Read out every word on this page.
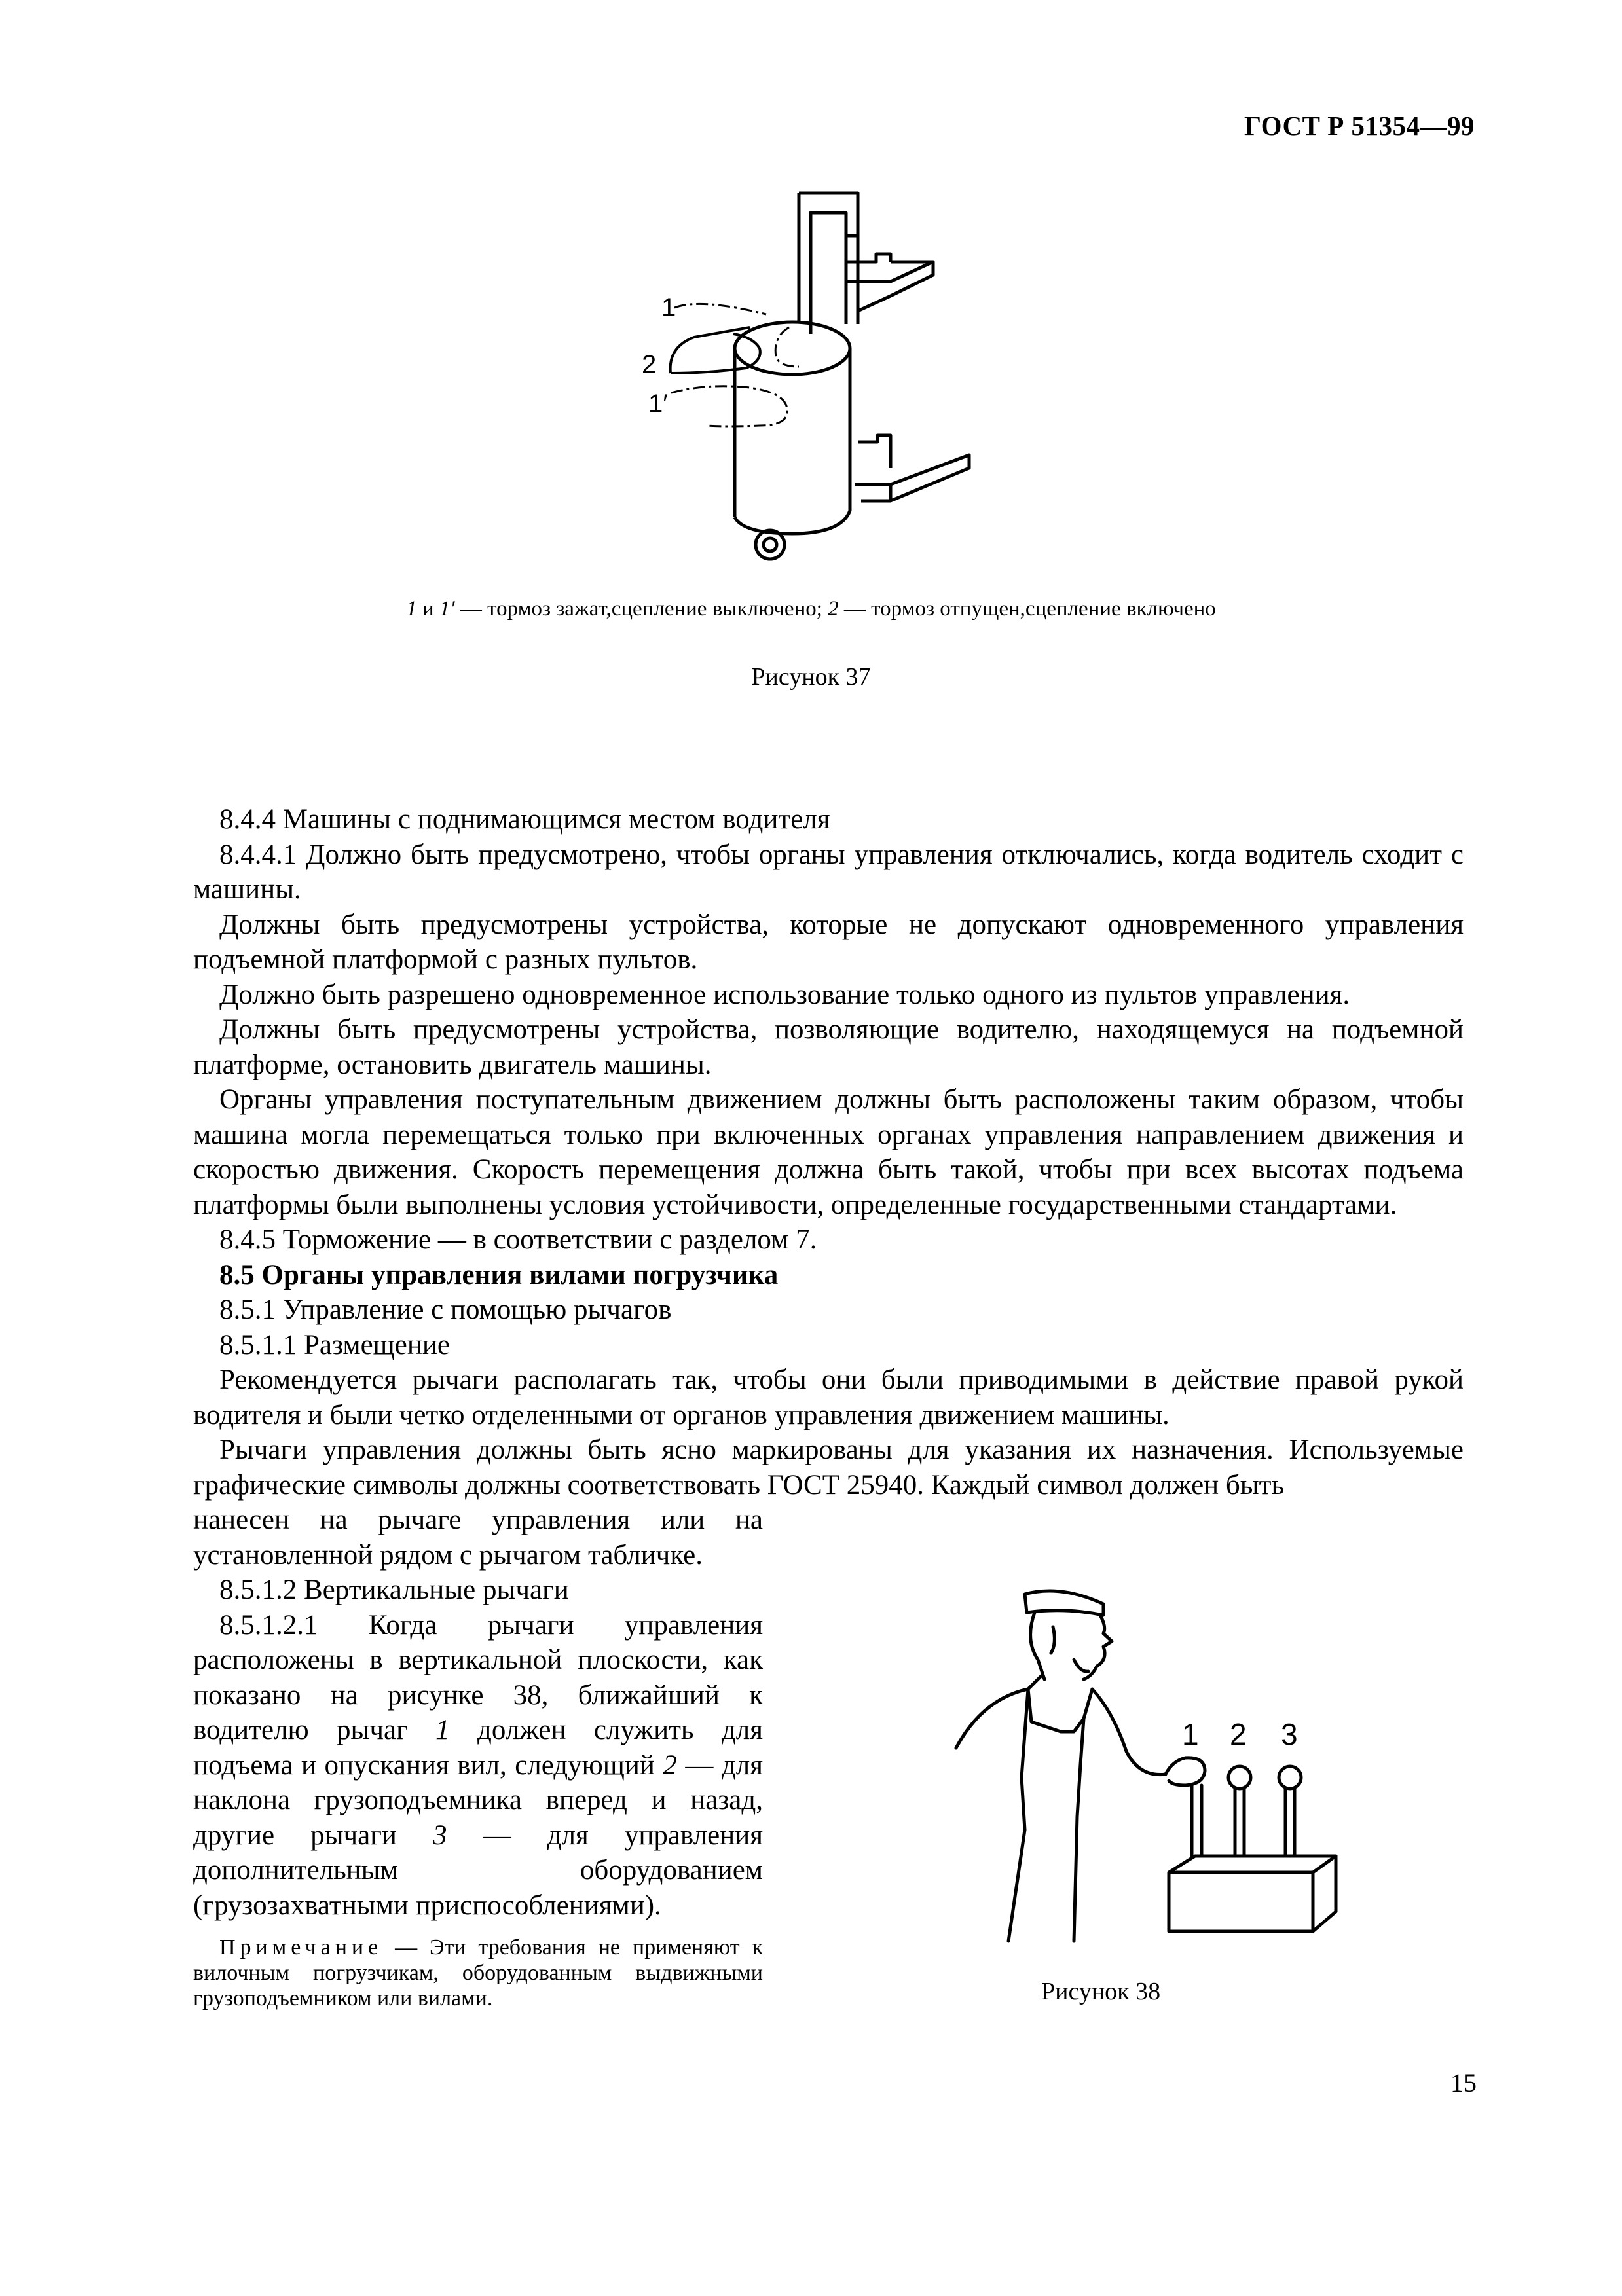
ГОСТ Р 51354—99
1
2
1′
1 и 1′ — тормоз зажат,сцепление выключено; 2 — тормоз отпущен,сцепление включено
Рисунок 37

8.4.4 Машины с поднимающимся местом водителя

8.4.4.1 Должно быть предусмотрено, чтобы органы управления отключались, когда водитель сходит с машины.

Должны быть предусмотрены устройства, которые не допускают одновременного управления подъемной платформой с разных пультов.

Должно быть разрешено одновременное использование только одного из пультов управления.

Должны быть предусмотрены устройства, позволяющие водителю, находящемуся на подъемной платформе, остановить двигатель машины.

Органы управления поступательным движением должны быть расположены таким образом, чтобы машина могла перемещаться только при включенных органах управления направлением движения и скоростью движения. Скорость перемещения должна быть такой, чтобы при всех высотах подъема платформы были выполнены условия устойчивости, определенные государственными стандартами.

8.4.5 Торможение — в соответствии с разделом 7.

8.5 Органы управления вилами погрузчика

8.5.1 Управление с помощью рычагов

8.5.1.1 Размещение

Рекомендуется рычаги располагать так, чтобы они были приводимыми в действие правой рукой водителя и были четко отделенными от органов управления движением машины.

Рычаги управления должны быть ясно маркированы для указания их назначения. Используемые графические символы должны соответствовать ГОСТ 25940. Каждый символ должен быть

нанесен на рычаге управления или на установленной рядом с рычагом табличке.

8.5.1.2 Вертикальные рычаги

8.5.1.2.1 Когда рычаги управления расположены в вертикальной плоскости, как показано на рисунке 38, ближайший к водителю рычаг 1 должен служить для подъема и опускания вил, следующий 2 — для наклона грузоподъемника вперед и назад, другие рычаги 3 — для управления дополнительным оборудованием (грузозахватными приспособлениями).

Примечание — Эти требования не применяют к вилочным погрузчикам, оборудованным выдвижными грузоподъемником или вилами.
1 2 3
Рисунок 38
15
